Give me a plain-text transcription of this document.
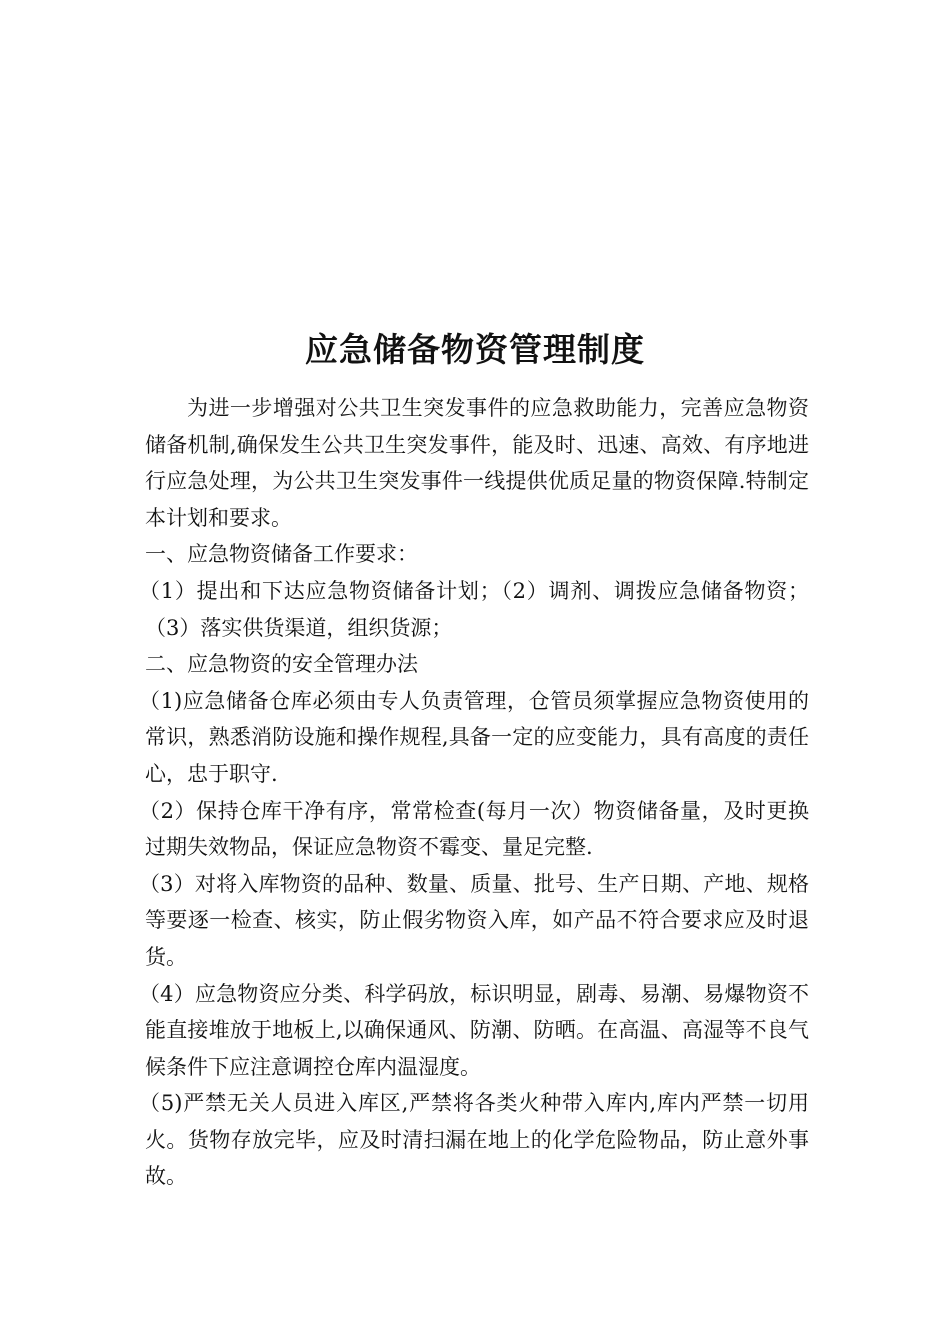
应急储备物资管理制度

为进一步增强对公共卫生突发事件的应急救助能力，完善应急物资储备机制,确保发生公共卫生突发事件，能及时、迅速、高效、有序地进行应急处理，为公共卫生突发事件一线提供优质足量的物资保障.特制定本计划和要求。

一、应急物资储备工作要求：

（1）提出和下达应急物资储备计划；（2）调剂、调拨应急储备物资；（3）落实供货渠道，组织货源；

二、应急物资的安全管理办法

（1)应急储备仓库必须由专人负责管理，仓管员须掌握应急物资使用的常识，熟悉消防设施和操作规程,具备一定的应变能力，具有高度的责任心，忠于职守.

（2）保持仓库干净有序，常常检查(每月一次）物资储备量，及时更换过期失效物品，保证应急物资不霉变、量足完整.

（3）对将入库物资的品种、数量、质量、批号、生产日期、产地、规格等要逐一检查、核实，防止假劣物资入库，如产品不符合要求应及时退货。

（4）应急物资应分类、科学码放，标识明显，剧毒、易潮、易爆物资不能直接堆放于地板上,以确保通风、防潮、防晒。在高温、高湿等不良气候条件下应注意调控仓库内温湿度。

（5)严禁无关人员进入库区,严禁将各类火种带入库内,库内严禁一切用火。货物存放完毕，应及时清扫漏在地上的化学危险物品，防止意外事故。
